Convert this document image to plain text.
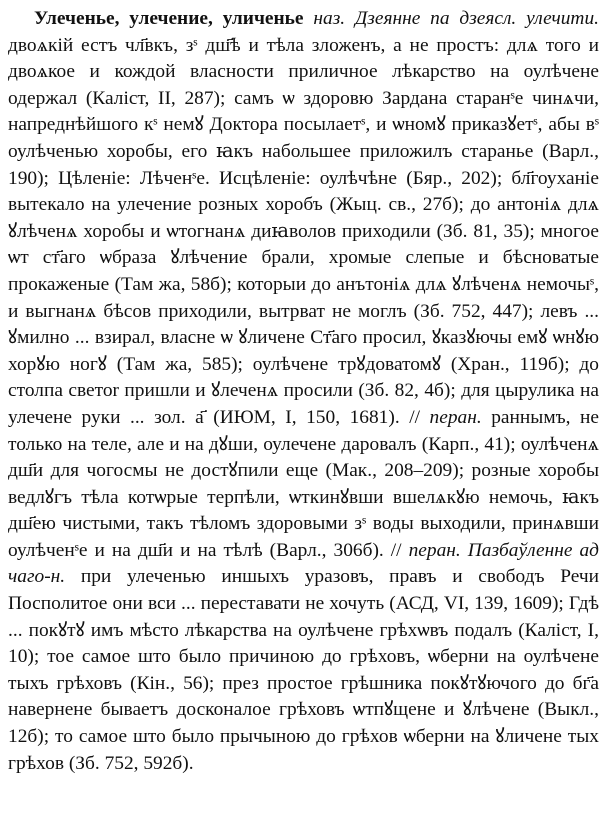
Улеченье, улечение, уличенье наз. Дзеянне па дзеясл. улечити. двоѧкій естъ чл҃вкъ, зˢ дш҃ѣ и тѣла зложенъ, а не простъ: длѧ того и двоѧкое и кождой власности приличное лѣкарство на оулѣчене одержал (Каліст, II, 287); самъ ѡ здоровю Зардана старанˢе чинѧчи, напреднѣйшого кˢ немꙋ Доктора посылаетˢ, и ѡномꙋ приказꙋетˢ, абы вˢ оулѣченью хоробы, его ꙗкъ набольшее приложилъ старанье (Варл., 190); Цѣленіе: Лѣченˢе. Исцѣленіе: оулѣчѣне (Бяр., 202); бл҃гоуханіе вытекало на улечение розных хоробъ (Жыц. св., 27б); до антоніѧ длѧ ꙋлѣченѧ хоробы и ѡтогнанѧ диꙗволов приходили (Зб. 81, 35); многое ѡт ст҃аго ѡбраза ꙋлѣчение брали, хромые слепые и бѣсноватые прокаженые (Там жа, 58б); которыи до анътоніѧ длѧ ꙋлѣченѧ немочыˢ, и выгнанѧ бѣсов приходили, вытрват не моглъ (Зб. 752, 447); левъ ... ꙋмилно ... взирал, власне ѡ ꙋличене Ст҃аго просил, ꙋказꙋючы емꙋ ѡнꙋю хорꙋю ногꙋ (Там жа, 585); оулѣчене трꙋдоватомꙋ (Хран., 119б); до столпа светоr пришли и ꙋлеченѧ просили (Зб. 82, 4б); для цырулика на улечене руки ... зол. а҃ (ИЮМ, I, 150, 1681). // перан. раннымъ, не только на теле, але и на дꙋши, оулечене даровалъ (Карп., 41); оулѣченѧ дш҃и для чогосмы не достꙋпили еще (Мак., 208–209); розные хоробы ведлꙋгъ тѣла котѡрые терпѣли, ѡткинꙋвши вшелѧкꙋю немочь, ꙗкъ дш҃ею чистыми, такъ тѣломъ здоровыми зˢ воды выходили, принѧвши оулѣченˢе и на дш҃и и на тѣлѣ (Варл., 306б). // перан. Пазбаўленне ад чаго-н. при улеченью иншыхъ уразовъ, правъ и свободъ Речи Посполитое они вси ... переставати не хочуть (АСД, VI, 139, 1609); Гдѣ ... покꙋтꙋ имъ мѣсто лѣкарства на оулѣчене грѣхѡвъ подалъ (Каліст, I, 10); тое самое што было причиною до грѣховъ, ѡберни на оулѣчене тыхъ грѣховъ (Кін., 56); през простое грѣшника покꙋтꙋючого до бг҃а навернене бываетъ досконалое грѣховъ ѡтпꙋщене и ꙋлѣчене (Выкл., 12б); то самое што было прычыною до грѣхов ѡберни на ꙋличене тых грѣхов (Зб. 752, 592б).
